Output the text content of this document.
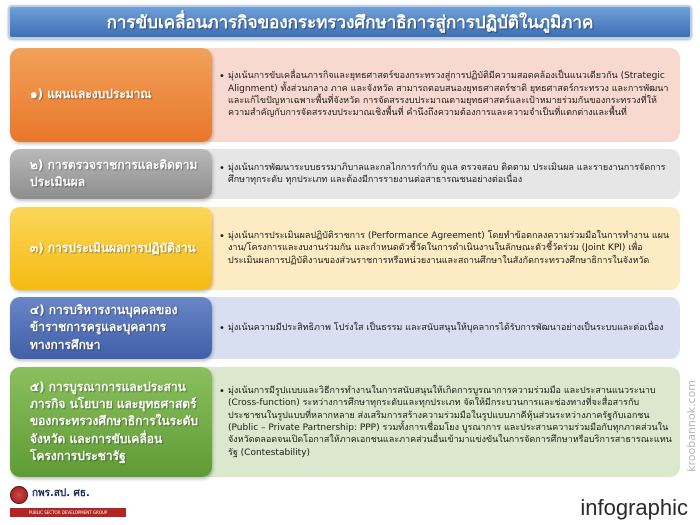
การขับเคลื่อนภารกิจของกระทรวงศึกษาธิการสู่การปฏิบัติในภูมิภาค
๑) แผนและงบประมาณ

• มุ่งเน้นการขับเคลื่อนภารกิจและยุทธศาสตร์ของกระทรวงสู่การปฏิบัติมีความสอดคล้องเป็นแนวเดียวกัน (Strategic Alignment) ทั้งส่วนกลาง ภาค และจังหวัด สามารถตอบสนองยุทธศาสตร์ชาติ ยุทธศาสตร์กระทรวง และการพัฒนาและแก้ไขปัญหาเฉพาะพื้นที่จังหวัด การจัดสรรงบประมาณตามยุทธศาสตร์และเป้าหมายร่วมกันของกระทรวงที่ให้ความสำคัญกับการจัดสรรงบประมาณเชิงพื้นที่ คำนึงถึงความต้องการและความจำเป็นที่แตกต่างและพื้นที่

๒) การตรวจราชการและติดตามประเมินผล

• มุ่งเน้นการพัฒนาระบบธรรมาภิบาลและกลไกการกำกับ ดูแล ตรวจสอบ ติดตาม ประเมินผล และรายงานการจัดการศึกษาทุกระดับ ทุกประเภท และต้องมีการรายงานต่อสาธารณชนอย่างต่อเนื่อง

๓) การประเมินผลการปฏิบัติงาน

• มุ่งเน้นการประเมินผลปฏิบัติราชการ (Performance Agreement) โดยทำข้อตกลงความร่วมมือในการทำงาน แผนงาน/โครงการและงบงานร่วมกัน และกำหนดตัวชี้วัดในการดำเนินงานในลักษณะตัวชี้วัดร่วม (Joint KPI) เพื่อประเมินผลการปฏิบัติงานของส่วนราชการหรือหน่วยงานและสถานศึกษาในสังกัดกระทรวงศึกษาธิการในจังหวัด

๔) การบริหารงานบุคคลของข้าราชการครูและบุคลากรทางการศึกษา

• มุ่งเน้นความมีประสิทธิภาพ โปร่งใส เป็นธรรม และสนับสนุนให้บุคลากรได้รับการพัฒนาอย่างเป็นระบบและต่อเนื่อง

๕) การบูรณาการและประสานภารกิจ นโยบาย และยุทธศาสตร์ของกระทรวงศึกษาธิการในระดับจังหวัด และการขับเคลื่อนโครงการประชารัฐ

• มุ่งเน้นการมีรูปแบบและวิธีการทำงานในการสนับสนุนให้เกิดการบูรณาการความร่วมมือ และประสานแนวระนาบ (Cross-function) ระหว่างการศึกษาทุกระดับและทุกประเภท จัดให้มีกระบวนการและช่องทางที่จะสื่อสารกับประชาชนในรูปแบบที่หลากหลาย ส่งเสริมการสร้างความร่วมมือในรูปแบบภาคีหุ้นส่วนระหว่างภาครัฐกับเอกชน (Public – Private Partnership: PPP) รวมทั้งการเชื่อมโยง บูรณาการ และประสานความร่วมมือกับทุกภาคส่วนในจังหวัดตลอดจนเปิดโอกาสให้ภาคเอกชนและภาคส่วนอื่นเข้ามาแข่งขันในการจัดการศึกษาหรือบริการสาธารณะแทนรัฐ (Contestability)

กพร.สป. ศธ.
PUBLIC SECTOR DEVELOPMENT GROUP	infographic
kroobannok.com
